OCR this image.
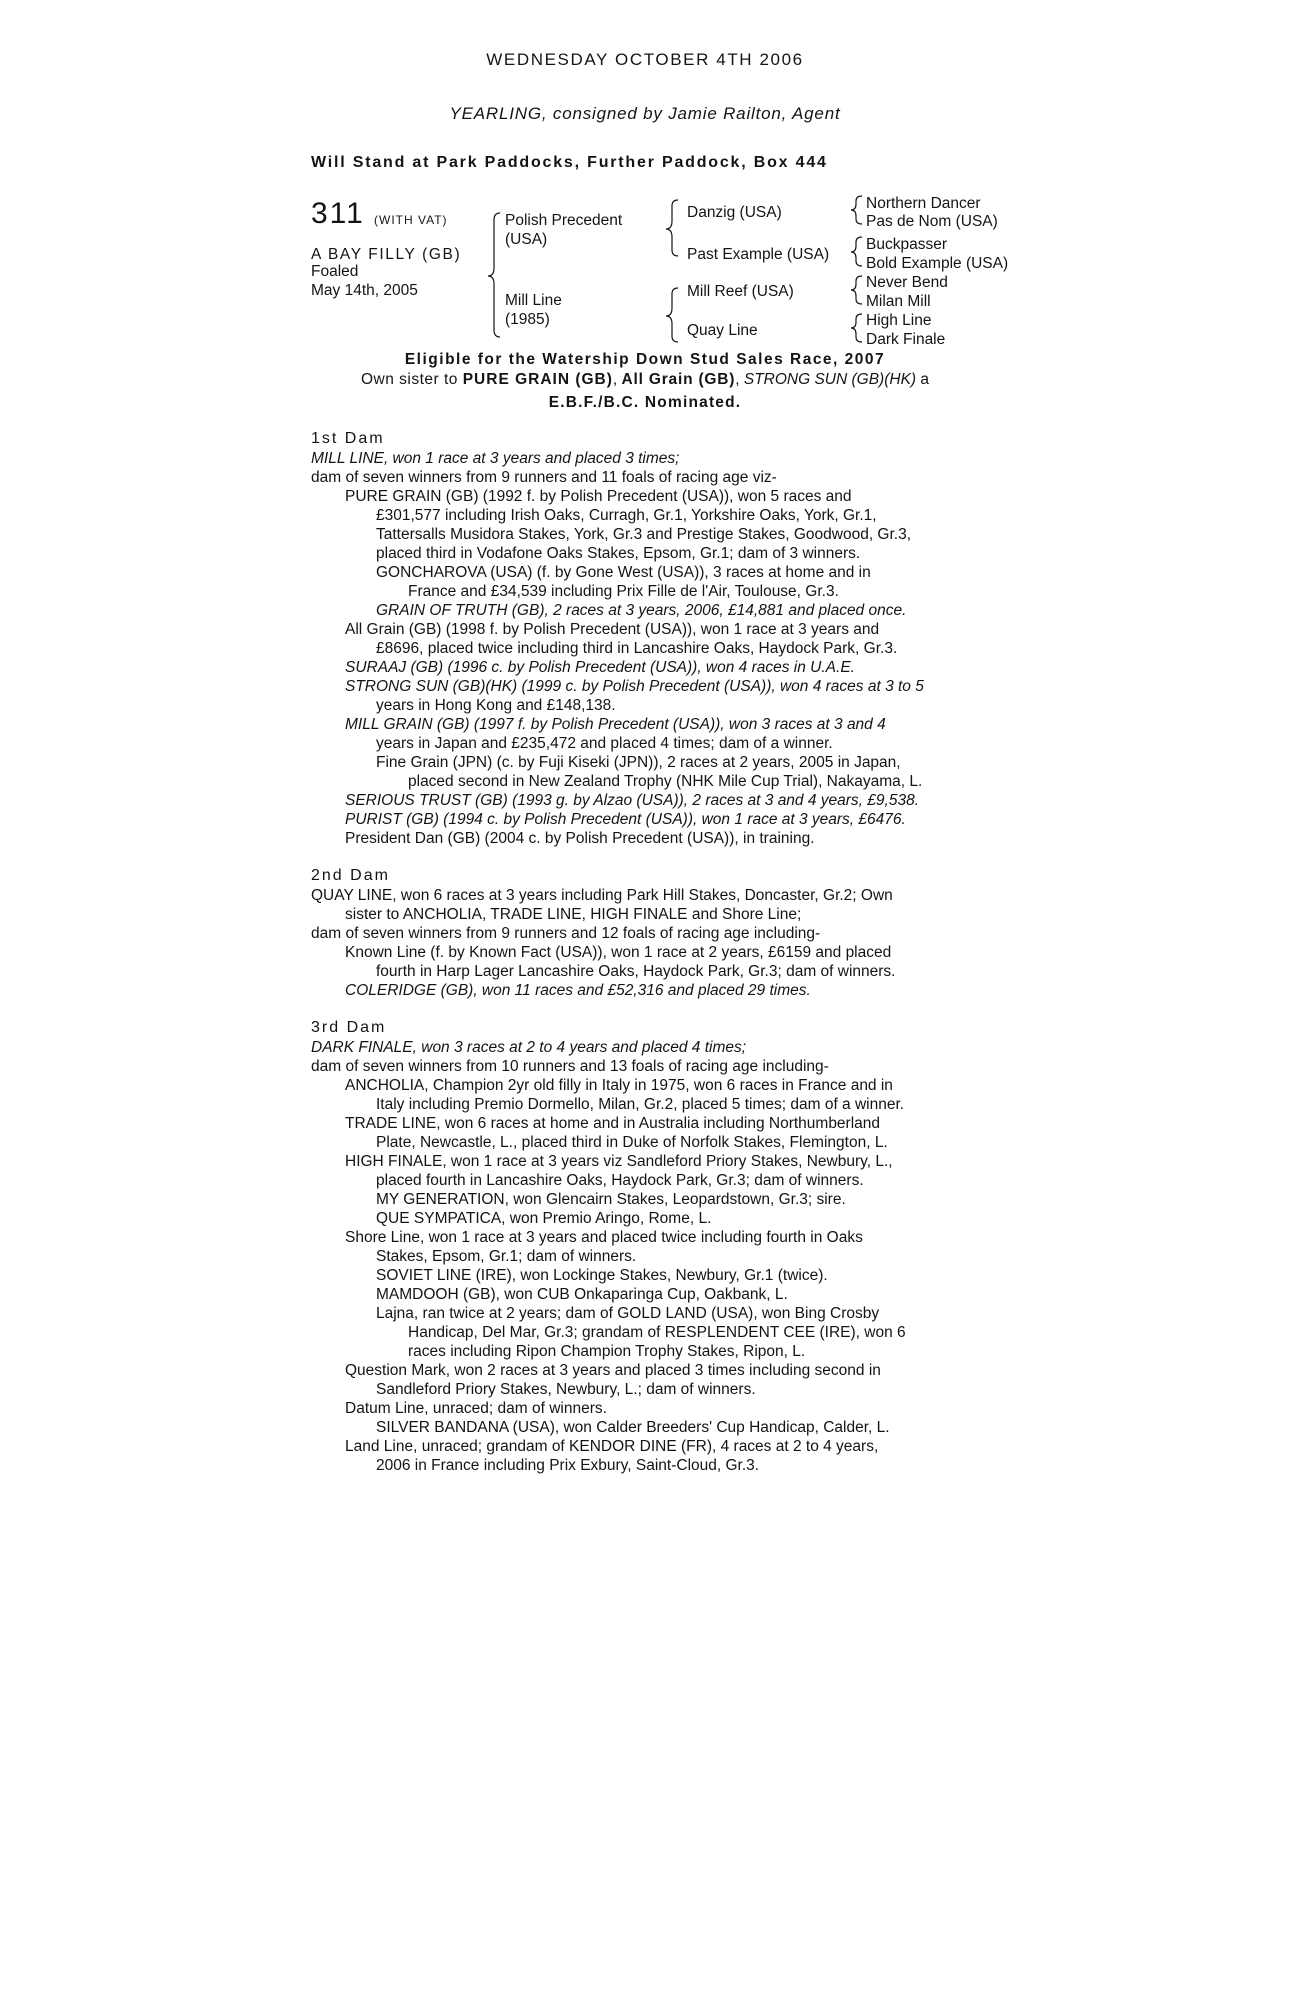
WEDNESDAY OCTOBER 4TH 2006
YEARLING, consigned by Jamie Railton, Agent
Will Stand at Park Paddocks, Further Paddock, Box 444
311 (WITH VAT)
A BAY FILLY (GB)
Foaled
May 14th, 2005
Polish Precedent
(USA)
Mill Line
(1985)
Danzig (USA)
Past Example (USA)
Mill Reef (USA)
Quay Line
Northern Dancer
Pas de Nom (USA)
Buckpasser
Bold Example (USA)
Never Bend
Milan Mill
High Line
Dark Finale
Eligible for the Watership Down Stud Sales Race, 2007
Own sister to PURE GRAIN (GB), All Grain (GB), STRONG SUN (GB)(HK) a
E.B.F./B.C. Nominated.
1st Dam
MILL LINE, won 1 race at 3 years and placed 3 times;
dam of seven winners from 9 runners and 11 foals of racing age viz-
PURE GRAIN (GB) (1992 f. by Polish Precedent (USA)), won 5 races and
£301,577 including Irish Oaks, Curragh, Gr.1, Yorkshire Oaks, York, Gr.1,
Tattersalls Musidora Stakes, York, Gr.3 and Prestige Stakes, Goodwood, Gr.3,
placed third in Vodafone Oaks Stakes, Epsom, Gr.1; dam of 3 winners.
GONCHAROVA (USA) (f. by Gone West (USA)), 3 races at home and in
France and £34,539 including Prix Fille de l'Air, Toulouse, Gr.3.
GRAIN OF TRUTH (GB), 2 races at 3 years, 2006, £14,881 and placed once.
All Grain (GB) (1998 f. by Polish Precedent (USA)), won 1 race at 3 years and
£8696, placed twice including third in Lancashire Oaks, Haydock Park, Gr.3.
SURAAJ (GB) (1996 c. by Polish Precedent (USA)), won 4 races in U.A.E.
STRONG SUN (GB)(HK) (1999 c. by Polish Precedent (USA)), won 4 races at 3 to 5
years in Hong Kong and £148,138.
MILL GRAIN (GB) (1997 f. by Polish Precedent (USA)), won 3 races at 3 and 4
years in Japan and £235,472 and placed 4 times; dam of a winner.
Fine Grain (JPN) (c. by Fuji Kiseki (JPN)), 2 races at 2 years, 2005 in Japan,
placed second in New Zealand Trophy (NHK Mile Cup Trial), Nakayama, L.
SERIOUS TRUST (GB) (1993 g. by Alzao (USA)), 2 races at 3 and 4 years, £9,538.
PURIST (GB) (1994 c. by Polish Precedent (USA)), won 1 race at 3 years, £6476.
President Dan (GB) (2004 c. by Polish Precedent (USA)), in training.
2nd Dam
QUAY LINE, won 6 races at 3 years including Park Hill Stakes, Doncaster, Gr.2; Own
sister to ANCHOLIA, TRADE LINE, HIGH FINALE and Shore Line;
dam of seven winners from 9 runners and 12 foals of racing age including-
Known Line (f. by Known Fact (USA)), won 1 race at 2 years, £6159 and placed
fourth in Harp Lager Lancashire Oaks, Haydock Park, Gr.3; dam of winners.
COLERIDGE (GB), won 11 races and £52,316 and placed 29 times.
3rd Dam
DARK FINALE, won 3 races at 2 to 4 years and placed 4 times;
dam of seven winners from 10 runners and 13 foals of racing age including-
ANCHOLIA, Champion 2yr old filly in Italy in 1975, won 6 races in France and in
Italy including Premio Dormello, Milan, Gr.2, placed 5 times; dam of a winner.
TRADE LINE, won 6 races at home and in Australia including Northumberland
Plate, Newcastle, L., placed third in Duke of Norfolk Stakes, Flemington, L.
HIGH FINALE, won 1 race at 3 years viz Sandleford Priory Stakes, Newbury, L.,
placed fourth in Lancashire Oaks, Haydock Park, Gr.3; dam of winners.
MY GENERATION, won Glencairn Stakes, Leopardstown, Gr.3; sire.
QUE SYMPATICA, won Premio Aringo, Rome, L.
Shore Line, won 1 race at 3 years and placed twice including fourth in Oaks
Stakes, Epsom, Gr.1; dam of winners.
SOVIET LINE (IRE), won Lockinge Stakes, Newbury, Gr.1 (twice).
MAMDOOH (GB), won CUB Onkaparinga Cup, Oakbank, L.
Lajna, ran twice at 2 years; dam of GOLD LAND (USA), won Bing Crosby
Handicap, Del Mar, Gr.3; grandam of RESPLENDENT CEE (IRE), won 6
races including Ripon Champion Trophy Stakes, Ripon, L.
Question Mark, won 2 races at 3 years and placed 3 times including second in
Sandleford Priory Stakes, Newbury, L.; dam of winners.
Datum Line, unraced; dam of winners.
SILVER BANDANA (USA), won Calder Breeders' Cup Handicap, Calder, L.
Land Line, unraced; grandam of KENDOR DINE (FR), 4 races at 2 to 4 years,
2006 in France including Prix Exbury, Saint-Cloud, Gr.3.
